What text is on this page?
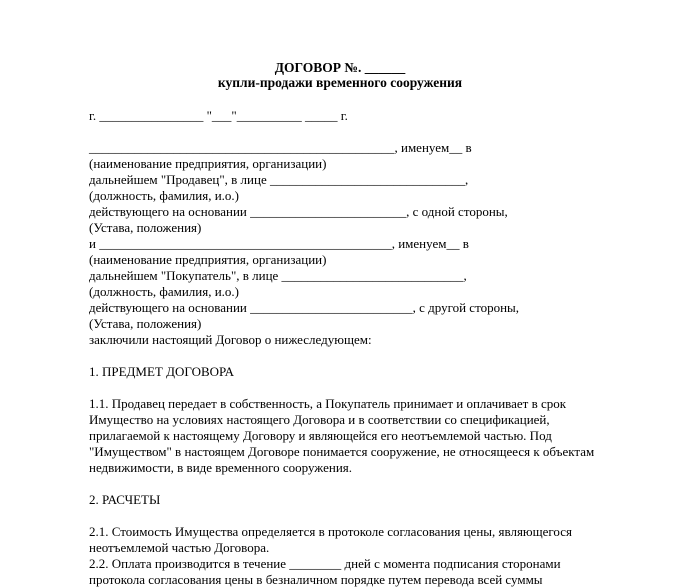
ДОГОВОР №. ______
купли-продажи временного сооружения
г. ________________ "___"__________ _____ г.
_______________________________________________, именуем__ в
(наименование предприятия, организации)
дальнейшем "Продавец", в лице ______________________________,
(должность, фамилия, и.о.)
действующего на основании ________________________, с одной стороны,
(Устава, положения)
и _____________________________________________, именуем__ в
(наименование предприятия, организации)
дальнейшем "Покупатель", в лице ____________________________,
(должность, фамилия, и.о.)
действующего на основании _________________________, с другой стороны,
(Устава, положения)
заключили настоящий Договор о нижеследующем:
1. ПРЕДМЕТ ДОГОВОРА
1.1. Продавец передает в собственность, а Покупатель принимает и оплачивает в срок
Имущество на условиях настоящего Договора и в соответствии со спецификацией,
прилагаемой к настоящему Договору и являющейся его неотъемлемой частью. Под
"Имуществом" в настоящем Договоре понимается сооружение, не относящееся к объектам
недвижимости, в виде временного сооружения.
2. РАСЧЕТЫ
2.1. Стоимость Имущества определяется в протоколе согласования цены, являющегося
неотъемлемой частью Договора.
2.2. Оплата производится в течение ________ дней с момента подписания сторонами
протокола согласования цены в безналичном порядке путем перевода всей суммы
